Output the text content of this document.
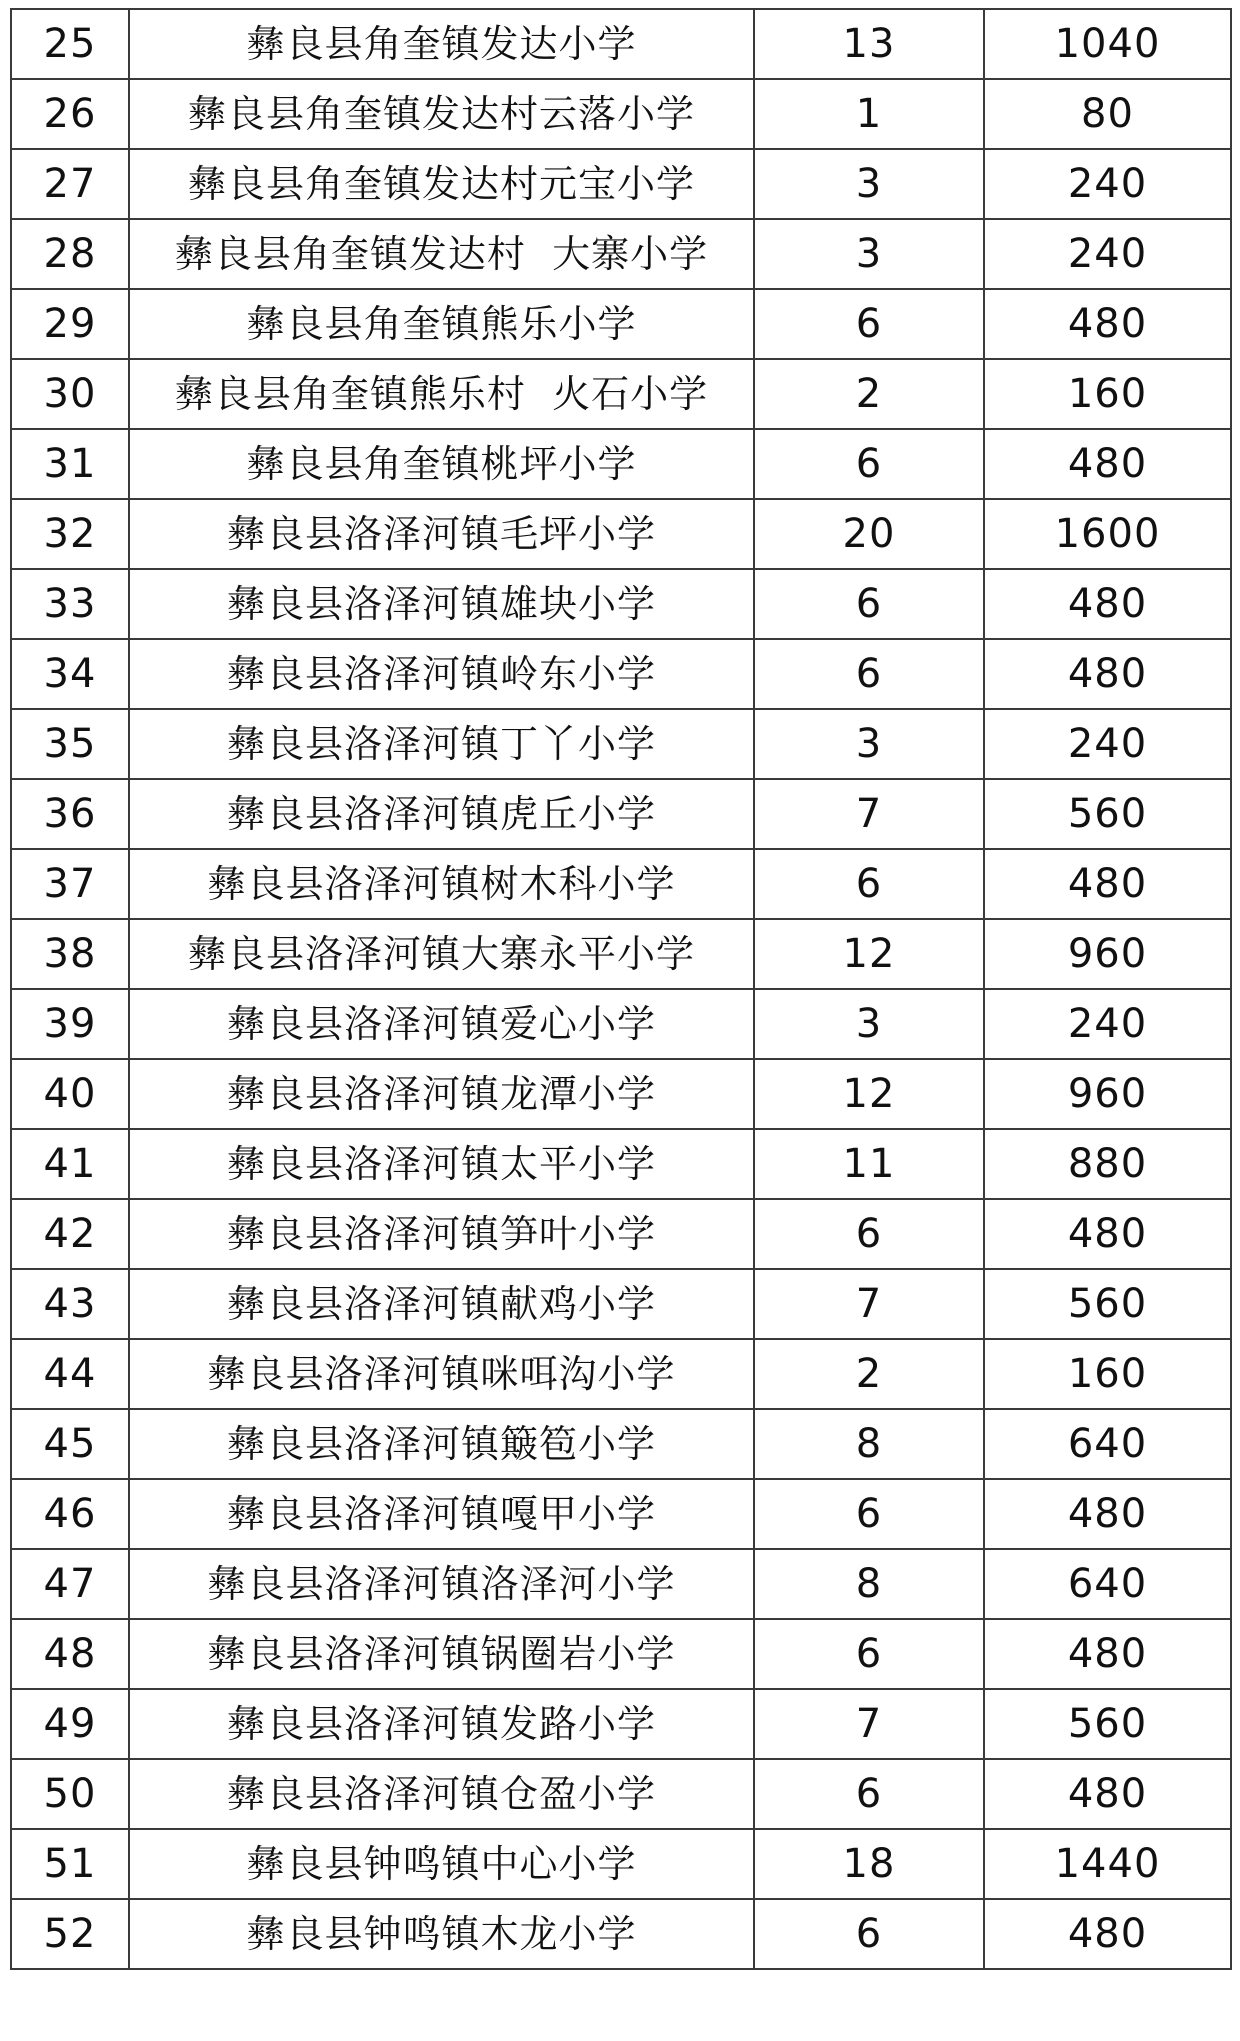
25	彝良县角奎镇发达小学	13	1040
26	彝良县角奎镇发达村云落小学	1	80
27	彝良县角奎镇发达村元宝小学	3	240
28	彝良县角奎镇发达村  大寨小学	3	240
29	彝良县角奎镇熊乐小学	6	480
30	彝良县角奎镇熊乐村  火石小学	2	160
31	彝良县角奎镇桃坪小学	6	480
32	彝良县洛泽河镇毛坪小学	20	1600
33	彝良县洛泽河镇雄块小学	6	480
34	彝良县洛泽河镇岭东小学	6	480
35	彝良县洛泽河镇丁丫小学	3	240
36	彝良县洛泽河镇虎丘小学	7	560
37	彝良县洛泽河镇树木科小学	6	480
38	彝良县洛泽河镇大寨永平小学	12	960
39	彝良县洛泽河镇爱心小学	3	240
40	彝良县洛泽河镇龙潭小学	12	960
41	彝良县洛泽河镇太平小学	11	880
42	彝良县洛泽河镇笋叶小学	6	480
43	彝良县洛泽河镇献鸡小学	7	560
44	彝良县洛泽河镇咪咡沟小学	2	160
45	彝良县洛泽河镇簸笣小学	8	640
46	彝良县洛泽河镇嘎甲小学	6	480
47	彝良县洛泽河镇洛泽河小学	8	640
48	彝良县洛泽河镇锅圈岩小学	6	480
49	彝良县洛泽河镇发路小学	7	560
50	彝良县洛泽河镇仓盈小学	6	480
51	彝良县钟鸣镇中心小学	18	1440
52	彝良县钟鸣镇木龙小学	6	480
